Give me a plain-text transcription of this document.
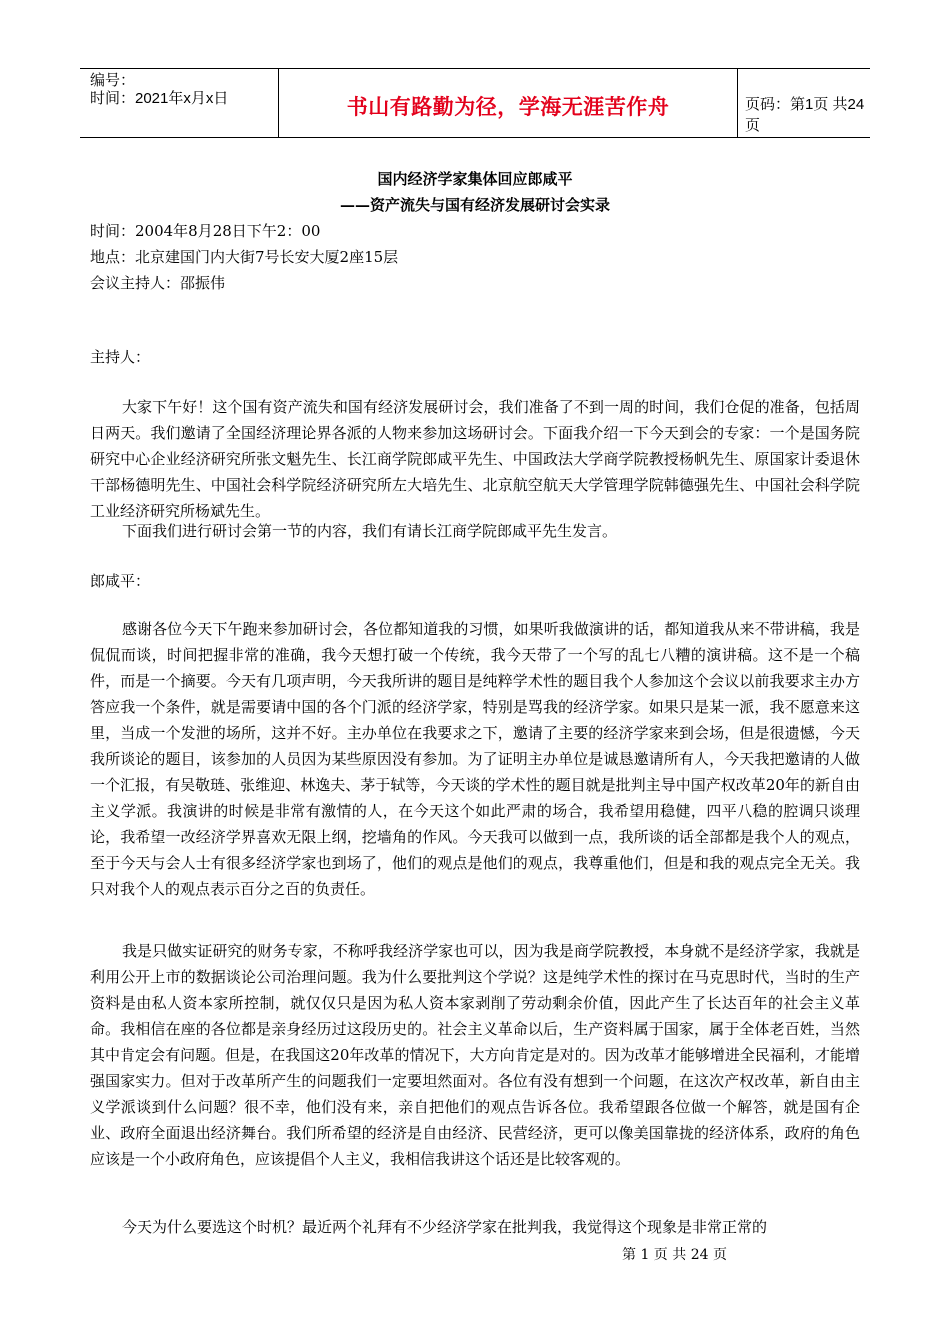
编号：
时间：2021年x月x日	书山有路勤为径，学海无涯苦作舟	页码：第1页 共24页
国内经济学家集体回应郎咸平
——资产流失与国有经济发展研讨会实录
时间：2004年8月28日下午2：00
地点：北京建国门内大街7号长安大厦2座15层
会议主持人：邵振伟
主持人：

大家下午好！这个国有资产流失和国有经济发展研讨会，我们准备了不到一周的时间，我们仓促的准备，包括周日两天。我们邀请了全国经济理论界各派的人物来参加这场研讨会。下面我介绍一下今天到会的专家：一个是国务院研究中心企业经济研究所张文魁先生、长江商学院郎咸平先生、中国政法大学商学院教授杨帆先生、原国家计委退休干部杨德明先生、中国社会科学院经济研究所左大培先生、北京航空航天大学管理学院韩德强先生、中国社会科学院工业经济研究所杨斌先生。

下面我们进行研讨会第一节的内容，我们有请长江商学院郎咸平先生发言。

郎咸平：

感谢各位今天下午跑来参加研讨会，各位都知道我的习惯，如果听我做演讲的话，都知道我从来不带讲稿，我是侃侃而谈，时间把握非常的准确，我今天想打破一个传统，我今天带了一个写的乱七八糟的演讲稿。这不是一个稿件，而是一个摘要。今天有几项声明，今天我所讲的题目是纯粹学术性的题目我个人参加这个会议以前我要求主办方答应我一个条件，就是需要请中国的各个门派的经济学家，特别是骂我的经济学家。如果只是某一派，我不愿意来这里，当成一个发泄的场所，这并不好。主办单位在我要求之下，邀请了主要的经济学家来到会场，但是很遗憾，今天我所谈论的题目，该参加的人员因为某些原因没有参加。为了证明主办单位是诚恳邀请所有人，今天我把邀请的人做一个汇报，有吴敬琏、张维迎、林逸夫、茅于轼等，今天谈的学术性的题目就是批判主导中国产权改革20年的新自由主义学派。我演讲的时候是非常有激情的人，在今天这个如此严肃的场合，我希望用稳健，四平八稳的腔调只谈理论，我希望一改经济学界喜欢无限上纲，挖墙角的作风。今天我可以做到一点，我所谈的话全部都是我个人的观点，至于今天与会人士有很多经济学家也到场了，他们的观点是他们的观点，我尊重他们，但是和我的观点完全无关。我只对我个人的观点表示百分之百的负责任。

我是只做实证研究的财务专家，不称呼我经济学家也可以，因为我是商学院教授，本身就不是经济学家，我就是利用公开上市的数据谈论公司治理问题。我为什么要批判这个学说？这是纯学术性的探讨在马克思时代，当时的生产资料是由私人资本家所控制，就仅仅只是因为私人资本家剥削了劳动剩余价值，因此产生了长达百年的社会主义革命。我相信在座的各位都是亲身经历过这段历史的。社会主义革命以后，生产资料属于国家，属于全体老百姓，当然其中肯定会有问题。但是，在我国这20年改革的情况下，大方向肯定是对的。因为改革才能够增进全民福利，才能增强国家实力。但对于改革所产生的问题我们一定要坦然面对。各位有没有想到一个问题，在这次产权改革，新自由主义学派谈到什么问题？很不幸，他们没有来，亲自把他们的观点告诉各位。我希望跟各位做一个解答，就是国有企业、政府全面退出经济舞台。我们所希望的经济是自由经济、民营经济，更可以像美国靠拢的经济体系，政府的角色应该是一个小政府角色，应该提倡个人主义，我相信我讲这个话还是比较客观的。

今天为什么要选这个时机？最近两个礼拜有不少经济学家在批判我，我觉得这个现象是非常正常的

第 1 页 共 24 页
